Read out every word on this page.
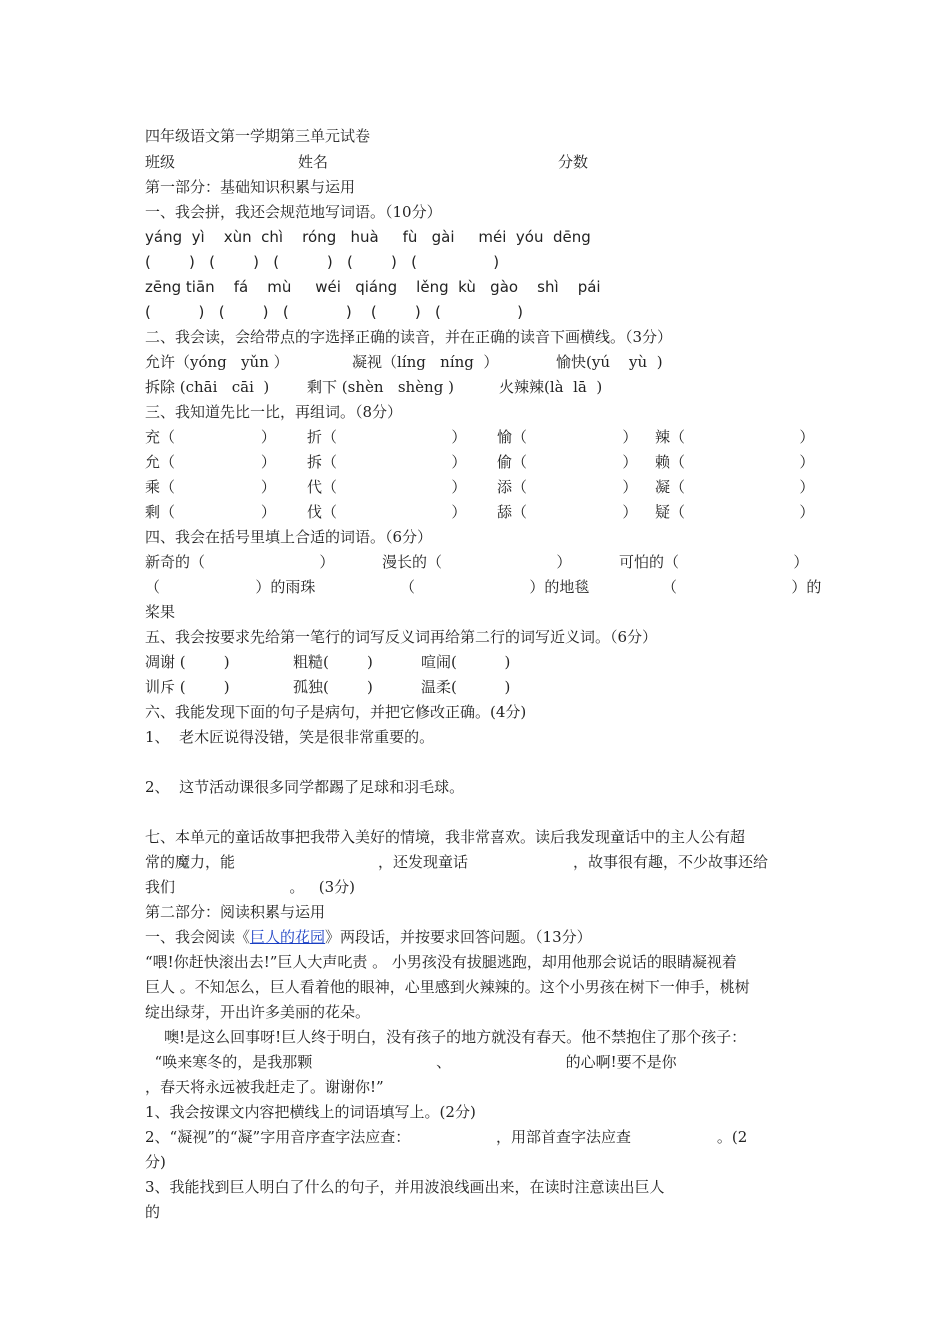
四年级语文第一学期第三单元试卷
班级	姓名	分数
第一部分：基础知识积累与运用
一、我会拼，我还会规范地写词语。（10分）
yáng  yì    xùn  chì    róng   huà     fù   gài     méi  yóu  dēng
(        )   (        )   (          )   (        )   (                )
zēng tiān    fá    mù     wéi   qiáng    lěng  kù   gào    shì    pái
(          )   (        )   (            )    (        )   (                )
二、我会读，会给带点的字选择正确的读音，并在正确的读音下画横线。（3分）
允许（yóng   yǔn ）	凝视（líng   níng  ）	愉快(yú    yù  )
拆除 (chāi   cāi  )	剩下 (shèn   shèng )	火辣辣(là  lā  )
三、我知道先比一比，再组词。（8分）
充（                  ） 折（                        ） 愉（                    ） 辣（                        ）
允（                  ） 拆（                        ） 偷（                    ） 赖（                        ）
乘（                  ） 代（                        ） 添（                    ） 凝（                        ）
剩（                  ） 伐（                        ） 舔（                    ） 疑（                        ）
四、我会在括号里填上合适的词语。（6分）
新奇的（                        ）	漫长的（                        ）	可怕的（                        ）
（                    ）的雨珠	（                        ）的地毯	（                        ）的
桨果
五、我会按要求先给第一笔行的词写反义词再给第二行的词写近义词。（6分）
凋谢 (        )	粗糙(        )	喧闹(          )
训斥 (        )	孤独(        )	温柔(          )
六、我能发现下面的句子是病句，并把它修改正确。(4分)
1、  老木匠说得没错，笑是很非常重要的。
2、  这节活动课很多同学都踢了足球和羽毛球。
七、本单元的童话故事把我带入美好的情境，我非常喜欢。读后我发现童话中的主人公有超
常的魔力，能                              ，还发现童话                      ，故事很有趣，不少故事还给
我们                        。   (3分)
第二部分：阅读积累与运用
一、我会阅读《巨人的花园》两段话，并按要求回答问题。（13分）
“喂!你赶快滚出去!”巨人大声叱责 。 小男孩没有拔腿逃跑，却用他那会说话的眼睛凝视着
巨人 。不知怎么，巨人看着他的眼神，心里感到火辣辣的。这个小男孩在树下一伸手，桃树
绽出绿芽，开出许多美丽的花朵。
噢!是这么回事呀!巨人终于明白，没有孩子的地方就没有春天。他不禁抱住了那个孩子：
“唤来寒冬的，是我那颗                          、                        的心啊!要不是你
，春天将永远被我赶走了。谢谢你!”
1、我会按课文内容把横线上的词语填写上。(2分)
2、“凝视”的“凝”字用音序查字法应查：                  ，用部首查字法应查                  。(2
分)
3、我能找到巨人明白了什么的句子，并用波浪线画出来，在读时注意读出巨人
的
